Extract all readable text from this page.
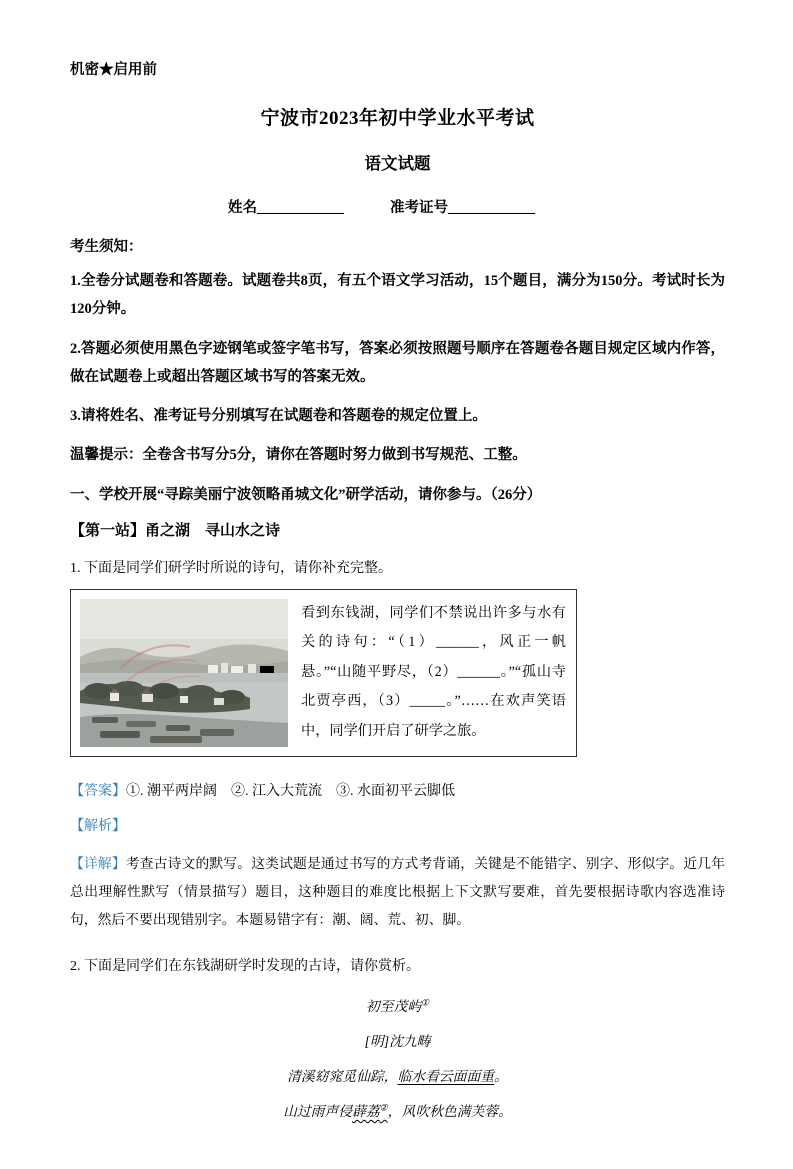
机密★启用前
宁波市2023年初中学业水平考试
语文试题
姓名____________	准考证号____________
考生须知：

1.全卷分试题卷和答题卷。试题卷共8页，有五个语文学习活动，15个题目，满分为150分。考试时长为120分钟。

2.答题必须使用黑色字迹钢笔或签字笔书写，答案必须按照题号顺序在答题卷各题目规定区域内作答，做在试题卷上或超出答题区域书写的答案无效。

3.请将姓名、准考证号分别填写在试题卷和答题卷的规定位置上。

温馨提示：全卷含书写分5分，请你在答题时努力做到书写规范、工整。

一、学校开展“寻踪美丽宁波领略甬城文化”研学活动，请你参与。（26分）
【第一站】甬之湖　寻山水之诗

1. 下面是同学们研学时所说的诗句，请你补充完整。

看到东钱湖，同学们不禁说出许多与水有关的诗句：“（1）______，风正一帆悬。”“山随平野尽，（2）______。”“孤山寺北贾亭西，（3）_____。”……在欢声笑语中，同学们开启了研学之旅。

【答案】①. 潮平两岸阔　②. 江入大荒流　③. 水面初平云脚低

【解析】

【详解】考查古诗文的默写。这类试题是通过书写的方式考背诵，关键是不能错字、别字、形似字。近几年总出理解性默写（情景描写）题目，这种题目的难度比根据上下文默写要难，首先要根据诗歌内容选准诗句，然后不要出现错别字。本题易错字有：潮、阔、荒、初、脚。

2. 下面是同学们在东钱湖研学时发现的古诗，请你赏析。

初至茂屿①
[明]沈九畴
清溪窈窕觅仙踪，临水看云面面重。
山过雨声侵薜荔②，风吹秋色满芙蓉。
